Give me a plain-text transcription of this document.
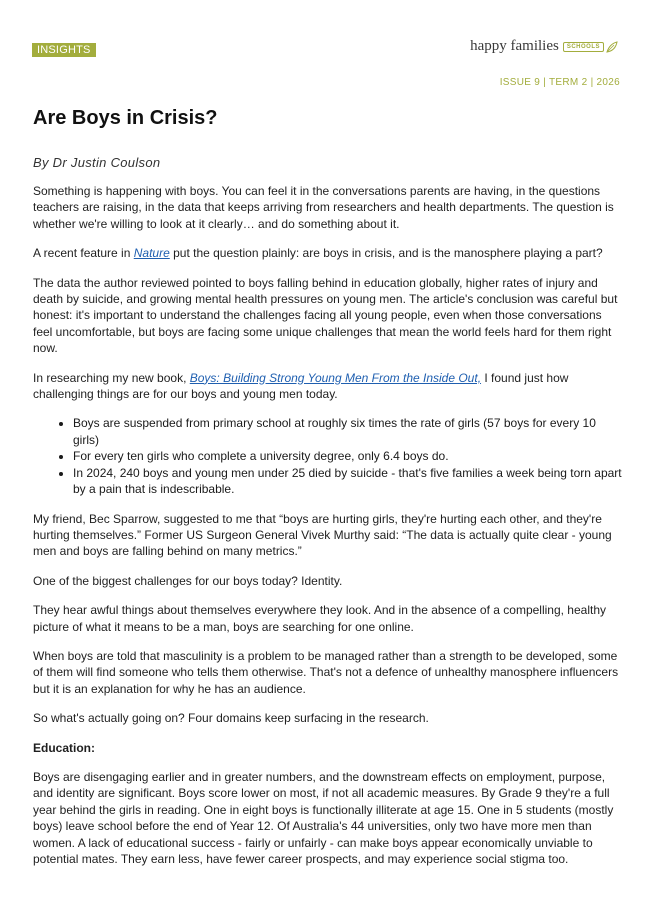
INSIGHTS	happy families	SCHOOLS
ISSUE 9 | TERM 2 | 2026
Are Boys in Crisis?
By Dr Justin Coulson

Something is happening with boys. You can feel it in the conversations parents are having, in the questions teachers are raising, in the data that keeps arriving from researchers and health departments. The question is whether we're willing to look at it clearly… and do something about it.

A recent feature in Nature put the question plainly: are boys in crisis, and is the manosphere playing a part?

The data the author reviewed pointed to boys falling behind in education globally, higher rates of injury and death by suicide, and growing mental health pressures on young men. The article's conclusion was careful but honest: it's important to understand the challenges facing all young people, even when those conversations feel uncomfortable, but boys are facing some unique challenges that mean the world feels hard for them right now.

In researching my new book, Boys: Building Strong Young Men From the Inside Out, I found just how challenging things are for our boys and young men today.

• Boys are suspended from primary school at roughly six times the rate of girls (57 boys for every 10 girls)
• For every ten girls who complete a university degree, only 6.4 boys do.
• In 2024, 240 boys and young men under 25 died by suicide - that's five families a week being torn apart by a pain that is indescribable.

My friend, Bec Sparrow, suggested to me that “boys are hurting girls, they're hurting each other, and they're hurting themselves.” Former US Surgeon General Vivek Murthy said: “The data is actually quite clear - young men and boys are falling behind on many metrics.”

One of the biggest challenges for our boys today? Identity.

They hear awful things about themselves everywhere they look. And in the absence of a compelling, healthy picture of what it means to be a man, boys are searching for one online.

When boys are told that masculinity is a problem to be managed rather than a strength to be developed, some of them will find someone who tells them otherwise. That's not a defence of unhealthy manosphere influencers but it is an explanation for why he has an audience.

So what's actually going on? Four domains keep surfacing in the research.

Education:

Boys are disengaging earlier and in greater numbers, and the downstream effects on employment, purpose, and identity are significant. Boys score lower on most, if not all academic measures. By Grade 9 they're a full year behind the girls in reading. One in eight boys is functionally illiterate at age 15. One in 5 students (mostly boys) leave school before the end of Year 12. Of Australia's 44 universities, only two have more men than women. A lack of educational success - fairly or unfairly - can make boys appear economically unviable to potential mates. They earn less, have fewer career prospects, and may experience social stigma too.
